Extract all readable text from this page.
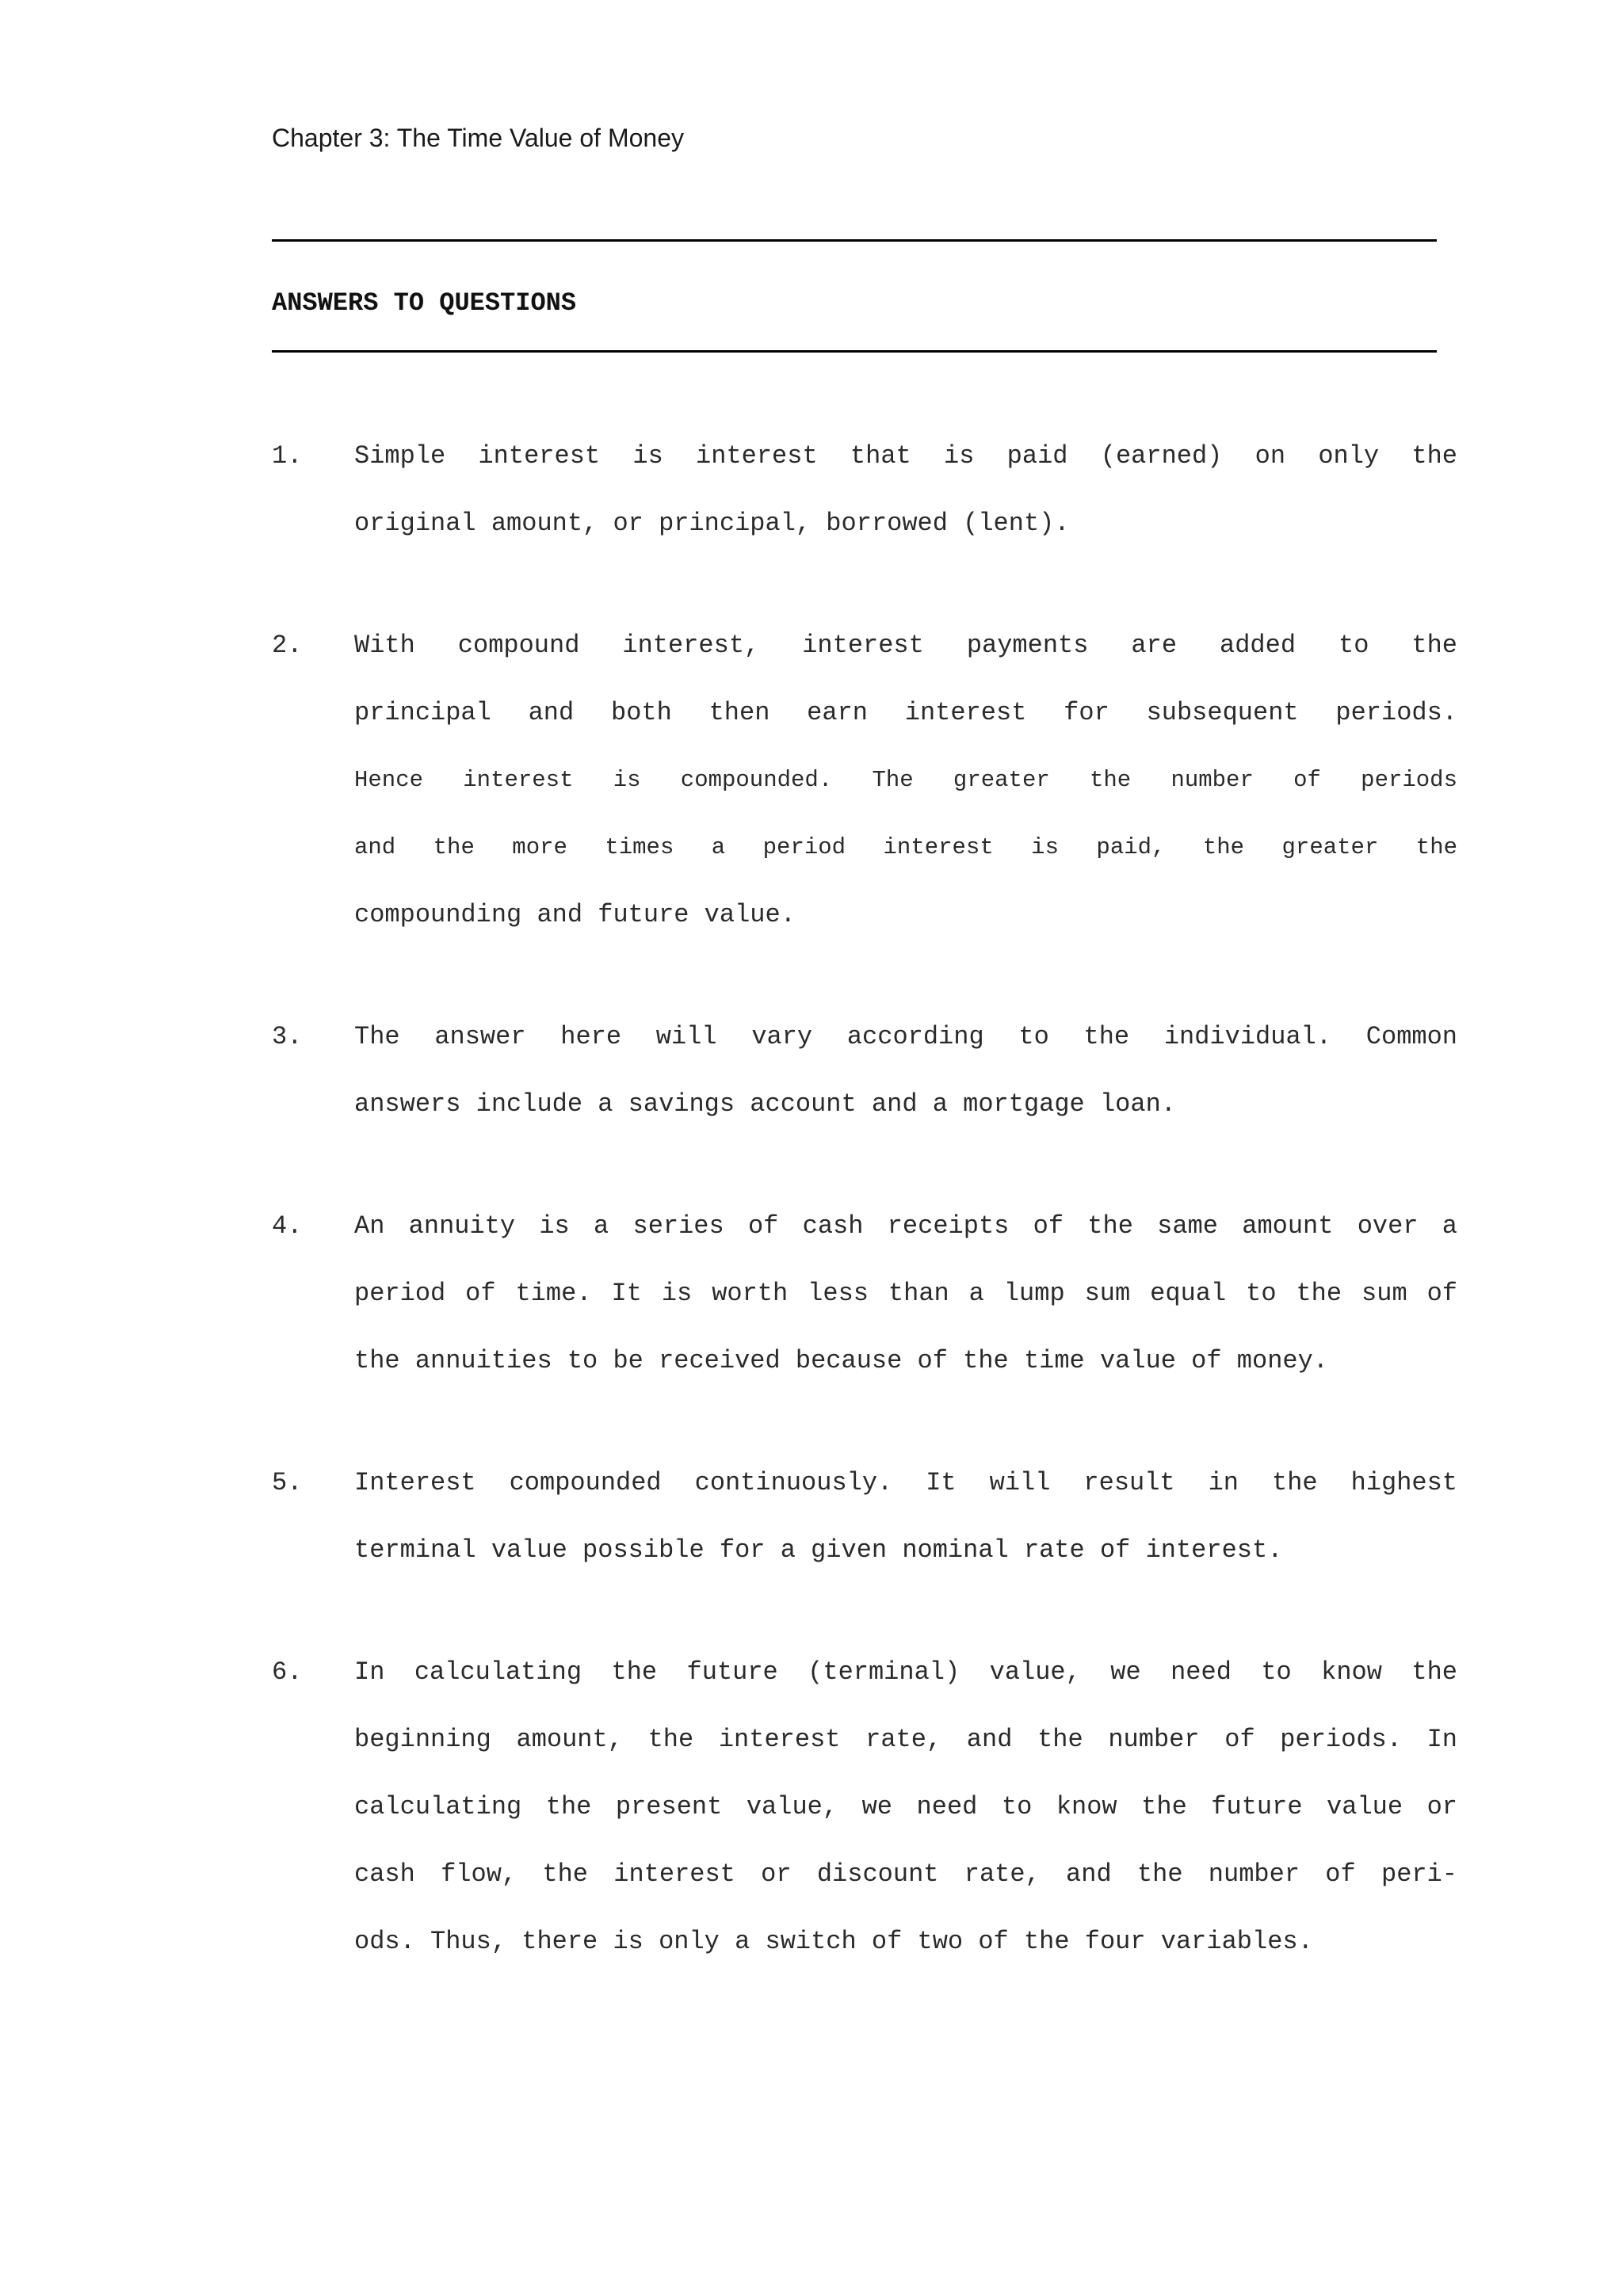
Chapter 3: The Time Value of Money
ANSWERS TO QUESTIONS
1. Simple interest is interest that is paid (earned) on only the
original amount, or principal, borrowed (lent).
2. With compound interest, interest payments are added to the
principal and both then earn interest for subsequent periods.
Hence interest is compounded. The greater the number of periods
and the more times a period interest is paid, the greater the
compounding and future value.
3. The answer here will vary according to the individual. Common
answers include a savings account and a mortgage loan.
4. An annuity is a series of cash receipts of the same amount over a
period of time. It is worth less than a lump sum equal to the sum of
the annuities to be received because of the time value of money.
5. Interest compounded continuously. It will result in the highest
terminal value possible for a given nominal rate of interest.
6. In calculating the future (terminal) value, we need to know the
beginning amount, the interest rate, and the number of periods. In
calculating the present value, we need to know the future value or
cash flow, the interest or discount rate, and the number of peri-
ods. Thus, there is only a switch of two of the four variables.
